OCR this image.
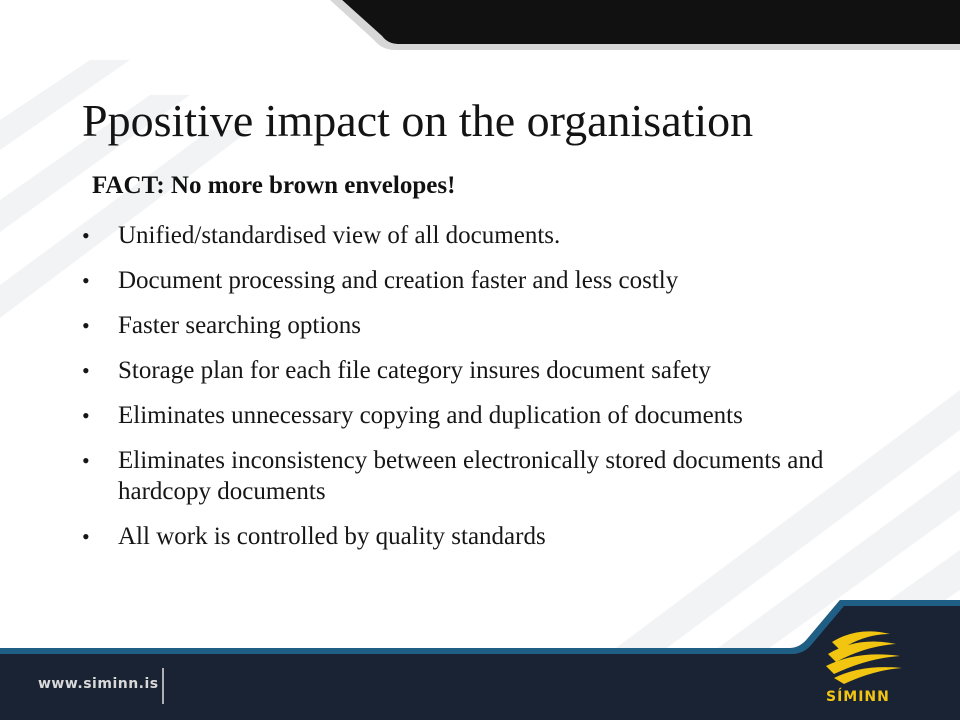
Ppositive impact on the organisation

FACT: No more brown envelopes!

•	Unified/standardised view of all documents.
•	Document processing and creation faster and less costly
•	Faster searching options
•	Storage plan for each file category insures document safety
•	Eliminates unnecessary copying and duplication of documents
•	Eliminates inconsistency between electronically stored documents and hardcopy documents
•	All work is controlled by quality standards
www.siminn.is
SÍMINN
